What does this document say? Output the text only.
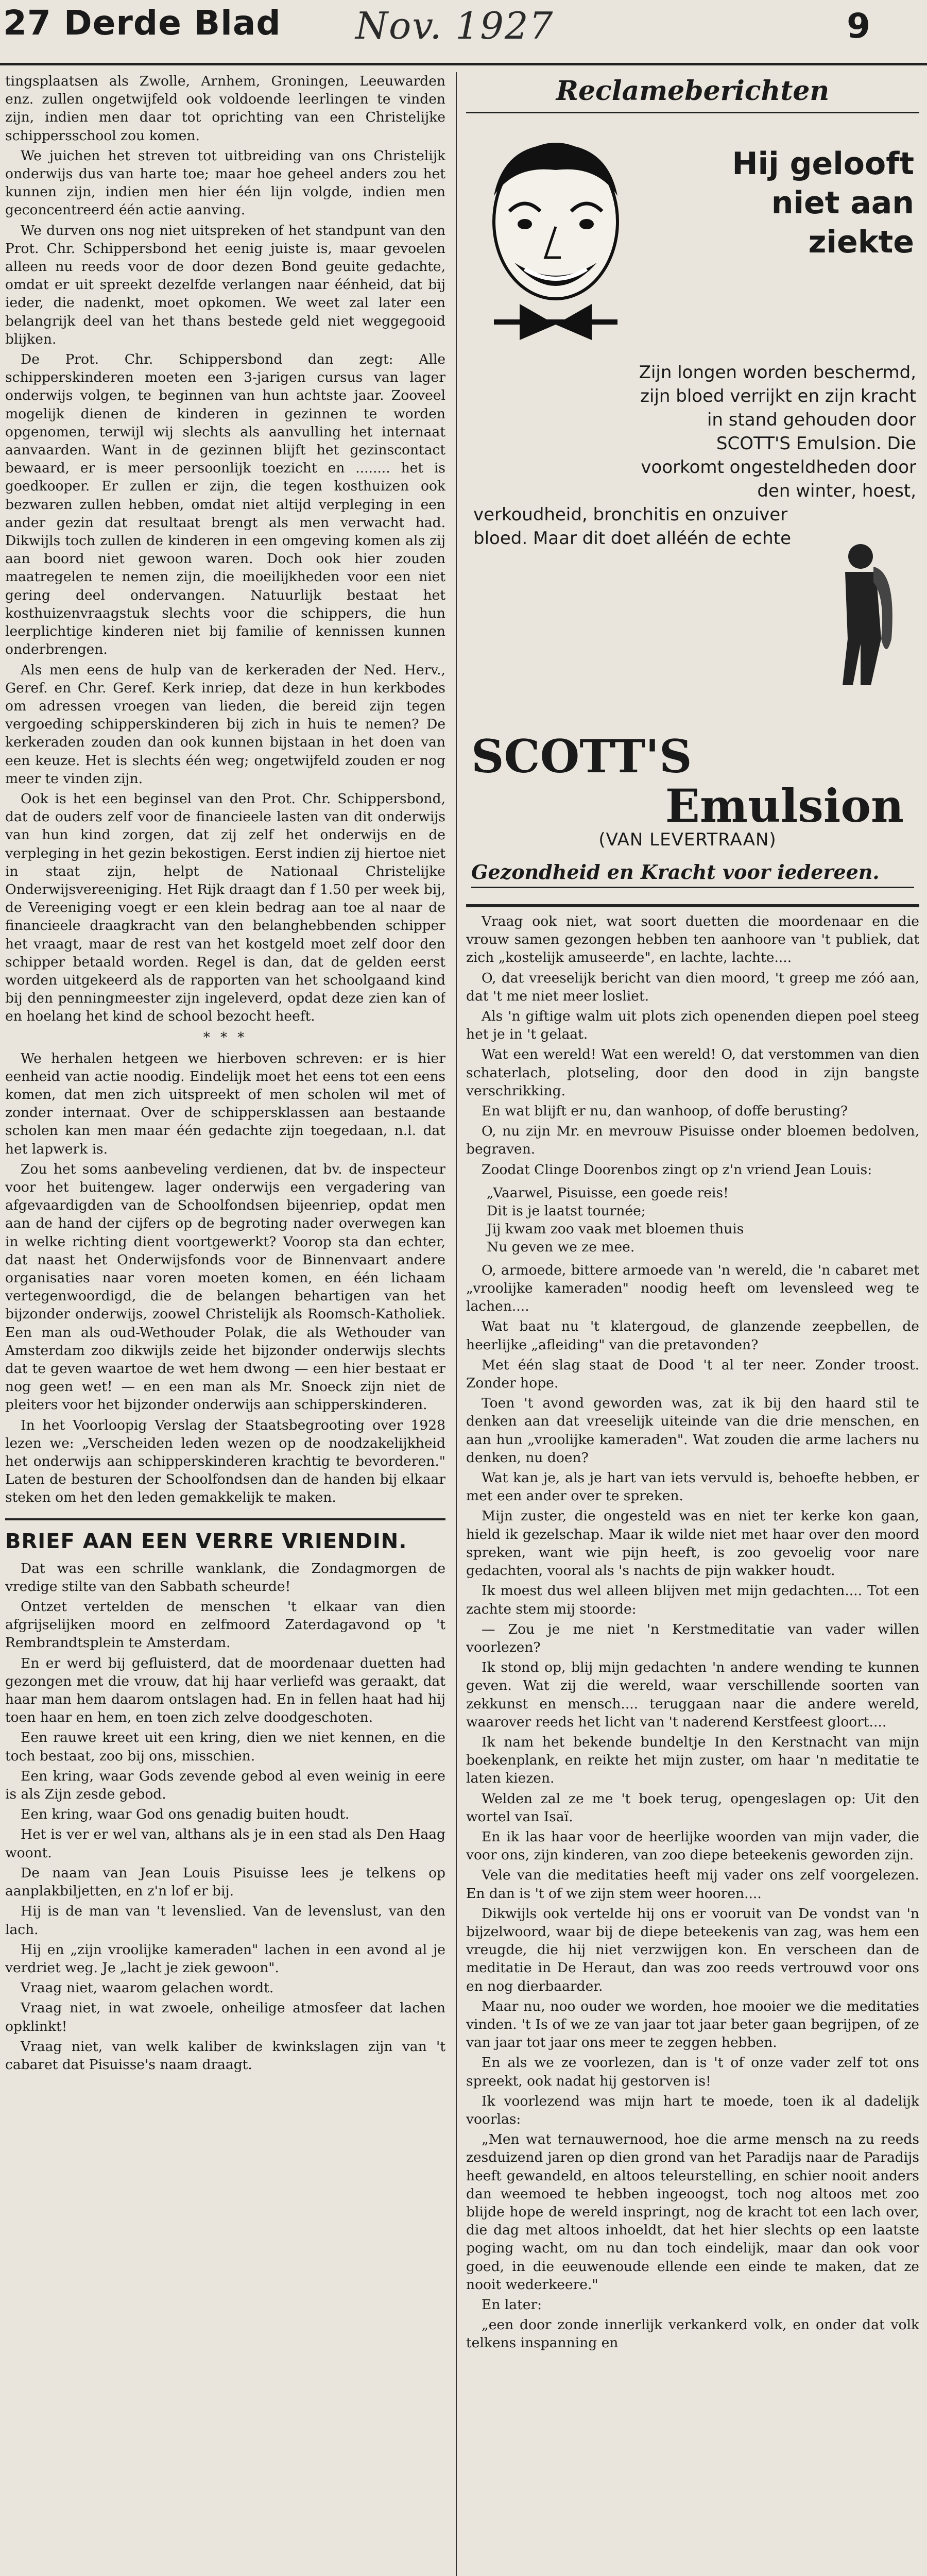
27 Derde Blad Nov. 1927	9

tingsplaatsen als Zwolle, Arnhem, Groningen, Leeuwarden enz. zullen ongetwijfeld ook voldoende leerlingen te vinden zijn, indien men daar tot oprichting van een Christelijke schippersschool zou komen.

We juichen het streven tot uitbreiding van ons Christelijk onderwijs dus van harte toe; maar hoe geheel anders zou het kunnen zijn, indien men hier één lijn volgde, indien men geconcentreerd één actie aanving.

We durven ons nog niet uitspreken of het standpunt van den Prot. Chr. Schippersbond het eenig juiste is, maar gevoelen alleen nu reeds voor de door dezen Bond geuite gedachte, omdat er uit spreekt dezelfde verlangen naar éénheid, dat bij ieder, die nadenkt, moet opkomen. We weet zal later een belangrijk deel van het thans bestede geld niet weggegooid blijken.

De Prot. Chr. Schippersbond dan zegt: Alle schipperskinderen moeten een 3-jarigen cursus van lager onderwijs volgen, te beginnen van hun achtste jaar. Zooveel mogelijk dienen de kinderen in gezinnen te worden opgenomen, terwijl wij slechts als aanvulling het internaat aanvaarden. Want in de gezinnen blijft het gezinscontact bewaard, er is meer persoonlijk toezicht en ........ het is goedkooper. Er zullen er zijn, die tegen kosthuizen ook bezwaren zullen hebben, omdat niet altijd verpleging in een ander gezin dat resultaat brengt als men verwacht had. Dikwijls toch zullen de kinderen in een omgeving komen als zij aan boord niet gewoon waren. Doch ook hier zouden maatregelen te nemen zijn, die moeilijkheden voor een niet gering deel ondervangen. Natuurlijk bestaat het kosthuizenvraagstuk slechts voor die schippers, die hun leerplichtige kinderen niet bij familie of kennissen kunnen onderbrengen.

Als men eens de hulp van de kerkeraden der Ned. Herv., Geref. en Chr. Geref. Kerk inriep, dat deze in hun kerkbodes om adressen vroegen van lieden, die bereid zijn tegen vergoeding schipperskinderen bij zich in huis te nemen? De kerkeraden zouden dan ook kunnen bijstaan in het doen van een keuze. Het is slechts één weg; ongetwijfeld zouden er nog meer te vinden zijn.

Ook is het een beginsel van den Prot. Chr. Schippersbond, dat de ouders zelf voor de financieele lasten van dit onderwijs van hun kind zorgen, dat zij zelf het onderwijs en de verpleging in het gezin bekostigen. Eerst indien zij hiertoe niet in staat zijn, helpt de Nationaal Christelijke Onderwijsvereeniging. Het Rijk draagt dan f 1.50 per week bij, de Vereeniging voegt er een klein bedrag aan toe al naar de financieele draagkracht van den belanghebbenden schipper het vraagt, maar de rest van het kostgeld moet zelf door den schipper betaald worden. Regel is dan, dat de gelden eerst worden uitgekeerd als de rapporten van het schoolgaand kind bij den penningmeester zijn ingeleverd, opdat deze zien kan of en hoelang het kind de school bezocht heeft.

* * *

We herhalen hetgeen we hierboven schreven: er is hier eenheid van actie noodig. Eindelijk moet het eens tot een eens komen, dat men zich uitspreekt of men scholen wil met of zonder internaat. Over de schippersklassen aan bestaande scholen kan men maar één gedachte zijn toegedaan, n.l. dat het lapwerk is.

Zou het soms aanbeveling verdienen, dat bv. de inspecteur voor het buitengew. lager onderwijs een vergadering van afgevaardigden van de Schoolfondsen bijeenriep, opdat men aan de hand der cijfers op de begroting nader overwegen kan in welke richting dient voortgewerkt? Voorop sta dan echter, dat naast het Onderwijsfonds voor de Binnenvaart andere organisaties naar voren moeten komen, en één lichaam vertegenwoordigd, die de belangen behartigen van het bijzonder onderwijs, zoowel Christelijk als Roomsch-Katholiek. Een man als oud-Wethouder Polak, die als Wethouder van Amsterdam zoo dikwijls zeide het bijzonder onderwijs slechts dat te geven waartoe de wet hem dwong — een hier bestaat er nog geen wet! — en een man als Mr. Snoeck zijn niet de pleiters voor het bijzonder onderwijs aan schipperskinderen.

In het Voorloopig Verslag der Staatsbegrooting over 1928 lezen we: „Verscheiden leden wezen op de noodzakelijkheid het onderwijs aan schipperskinderen krachtig te bevorderen." Laten de besturen der Schoolfondsen dan de handen bij elkaar steken om het den leden gemakkelijk te maken.

BRIEF AAN EEN VERRE VRIENDIN.

Dat was een schrille wanklank, die Zondagmorgen de vredige stilte van den Sabbath scheurde!

Ontzet vertelden de menschen 't elkaar van dien afgrijselijken moord en zelfmoord Zaterdagavond op 't Rembrandtsplein te Amsterdam.

En er werd bij gefluisterd, dat de moordenaar duetten had gezongen met die vrouw, dat hij haar verliefd was geraakt, dat haar man hem daarom ontslagen had. En in fellen haat had hij toen haar en hem, en toen zich zelve doodgeschoten.

Een rauwe kreet uit een kring, dien we niet kennen, en die toch bestaat, zoo bij ons, misschien.

Een kring, waar Gods zevende gebod al even weinig in eere is als Zijn zesde gebod.

Een kring, waar God ons genadig buiten houdt.

Het is ver er wel van, althans als je in een stad als Den Haag woont.

De naam van Jean Louis Pisuisse lees je telkens op aanplakbiljetten, en z'n lof er bij.

Hij is de man van 't levenslied. Van de levenslust, van den lach.

Hij en „zijn vroolijke kameraden" lachen in een avond al je verdriet weg. Je „lacht je ziek gewoon".

Vraag niet, waarom gelachen wordt.

Vraag niet, in wat zwoele, onheilige atmosfeer dat lachen opklinkt!

Vraag niet, van welk kaliber de kwinkslagen zijn van 't cabaret dat Pisuisse's naam draagt.

Reclameberichten
Hij gelooft niet aan ziekte
Zijn longen worden beschermd, zijn bloed verrijkt en zijn kracht in stand gehouden door SCOTT'S Emulsion. Die voorkomt ongesteldheden door den winter, hoest,
verkoudheid, bronchitis en onzuiver bloed. Maar dit doet alléén de echte
SCOTT'S
Emulsion
(VAN LEVERTRAAN)
Gezondheid en Kracht voor iedereen.

Vraag ook niet, wat soort duetten die moordenaar en die vrouw samen gezongen hebben ten aanhoore van 't publiek, dat zich „kostelijk amuseerde", en lachte, lachte....

O, dat vreeselijk bericht van dien moord, 't greep me zóó aan, dat 't me niet meer losliet.

Als 'n giftige walm uit plots zich openenden diepen poel steeg het je in 't gelaat.

Wat een wereld! Wat een wereld! O, dat verstommen van dien schaterlach, plotseling, door den dood in zijn bangste verschrikking.

En wat blijft er nu, dan wanhoop, of doffe berusting?

O, nu zijn Mr. en mevrouw Pisuisse onder bloemen bedolven, begraven.

Zoodat Clinge Doorenbos zingt op z'n vriend Jean Louis:

„Vaarwel, Pisuisse, een goede reis!
Dit is je laatst tournée;
Jij kwam zoo vaak met bloemen thuis
Nu geven we ze mee.

O, armoede, bittere armoede van 'n wereld, die 'n cabaret met „vroolijke kameraden" noodig heeft om levensleed weg te lachen....

Wat baat nu 't klatergoud, de glanzende zeepbellen, de heerlijke „afleiding" van die pretavonden?

Met één slag staat de Dood 't al ter neer. Zonder troost. Zonder hope.

Toen 't avond geworden was, zat ik bij den haard stil te denken aan dat vreeselijk uiteinde van die drie menschen, en aan hun „vroolijke kameraden". Wat zouden die arme lachers nu denken, nu doen?

Wat kan je, als je hart van iets vervuld is, behoefte hebben, er met een ander over te spreken.

Mijn zuster, die ongesteld was en niet ter kerke kon gaan, hield ik gezelschap. Maar ik wilde niet met haar over den moord spreken, want wie pijn heeft, is zoo gevoelig voor nare gedachten, vooral als 's nachts de pijn wakker houdt.

Ik moest dus wel alleen blijven met mijn gedachten.... Tot een zachte stem mij stoorde:

— Zou je me niet 'n Kerstmeditatie van vader willen voorlezen?

Ik stond op, blij mijn gedachten 'n andere wending te kunnen geven. Wat zij die wereld, waar verschillende soorten van zekkunst en mensch.... teruggaan naar die andere wereld, waarover reeds het licht van 't naderend Kerstfeest gloort....

Ik nam het bekende bundeltje In den Kerstnacht van mijn boekenplank, en reikte het mijn zuster, om haar 'n meditatie te laten kiezen.

Welden zal ze me 't boek terug, opengeslagen op: Uit den wortel van Isaï.

En ik las haar voor de heerlijke woorden van mijn vader, die voor ons, zijn kinderen, van zoo diepe beteekenis geworden zijn.

Vele van die meditaties heeft mij vader ons zelf voorgelezen. En dan is 't of we zijn stem weer hooren....

Dikwijls ook vertelde hij ons er vooruit van De vondst van 'n bijzelwoord, waar bij de diepe beteekenis van zag, was hem een vreugde, die hij niet verzwijgen kon. En verscheen dan de meditatie in De Heraut, dan was zoo reeds vertrouwd voor ons en nog dierbaarder.

Maar nu, noo ouder we worden, hoe mooier we die meditaties vinden. 't Is of we ze van jaar tot jaar beter gaan begrijpen, of ze van jaar tot jaar ons meer te zeggen hebben.

En als we ze voorlezen, dan is 't of onze vader zelf tot ons spreekt, ook nadat hij gestorven is!

Ik voorlezend was mijn hart te moede, toen ik al dadelijk voorlas:

„Men wat ternauwernood, hoe die arme mensch na zu reeds zesduizend jaren op dien grond van het Paradijs naar de Paradijs heeft gewandeld, en altoos teleurstelling, en schier nooit anders dan weemoed te hebben ingeoogst, toch nog altoos met zoo blijde hope de wereld inspringt, nog de kracht tot een lach over, die dag met altoos inhoeldt, dat het hier slechts op een laatste poging wacht, om nu dan toch eindelijk, maar dan ook voor goed, in die eeuwenoude ellende een einde te maken, dat ze nooit wederkeere."

En later:

„een door zonde innerlijk verkankerd volk, en onder dat volk telkens inspanning en
